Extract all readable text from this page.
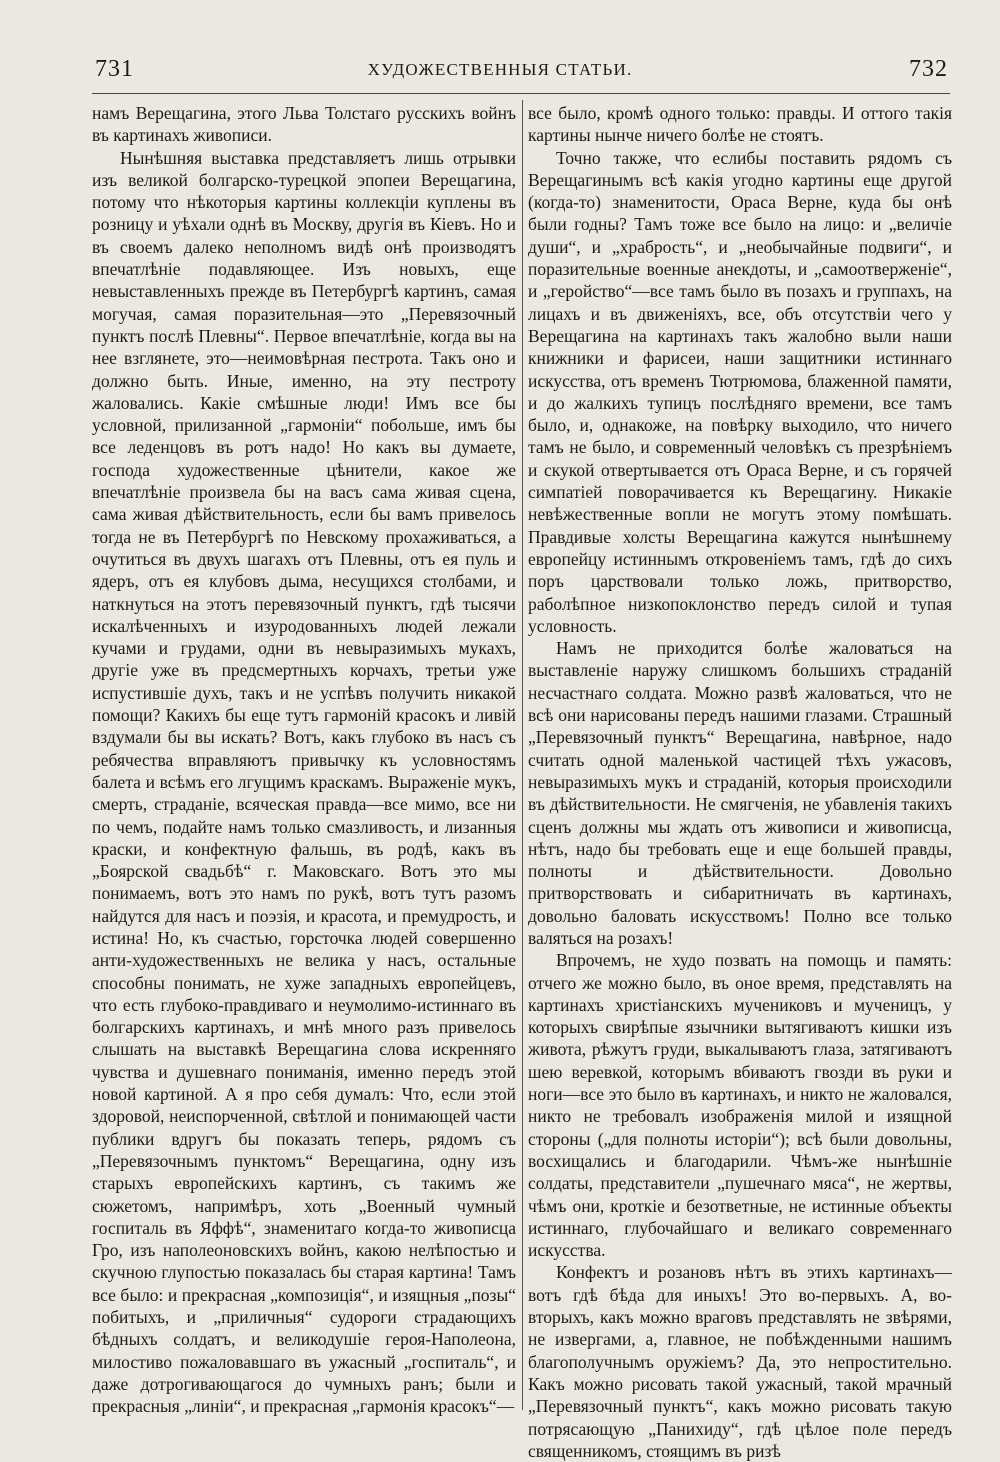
731	ХУДОЖЕСТВЕННЫЯ СТАТЬИ.	732

намъ Верещагина, этого Льва Толстаго русскихъ войнъ въ картинахъ живописи.

Нынѣшняя выставка представляетъ лишь отрывки изъ великой болгарско-турецкой эпопеи Верещагина, потому что нѣкоторыя картины коллекціи куплены въ розницу и уѣхали однѣ въ Москву, другія въ Кіевъ. Но и въ своемъ далеко неполномъ видѣ онѣ производятъ впечатлѣніе подавляющее. Изъ новыхъ, еще невыставленныхъ прежде въ Петербургѣ картинъ, самая могучая, самая поразительная—это „Перевязочный пунктъ послѣ Плевны“. Первое впечатлѣніе, когда вы на нее взглянете, это—неимовѣрная пестрота. Такъ оно и должно быть. Иные, именно, на эту пестроту жаловались. Какіе смѣшные люди! Имъ все бы условной, прилизанной „гармоніи“ побольше, имъ бы все леденцовъ въ ротъ надо! Но какъ вы думаете, господа художественные цѣнители, какое же впечатлѣніе произвела бы на васъ сама живая сцена, сама живая дѣйствительность, если бы вамъ привелось тогда не въ Петербургѣ по Невскому прохаживаться, а очутиться въ двухъ шагахъ отъ Плевны, отъ ея пуль и ядеръ, отъ ея клубовъ дыма, несущихся столбами, и наткнуться на этотъ перевязочный пунктъ, гдѣ тысячи искалѣченныхъ и изуродованныхъ людей лежали кучами и грудами, одни въ невыразимыхъ мукахъ, другіе уже въ предсмертныхъ корчахъ, третьи уже испустившіе духъ, такъ и не успѣвъ получить никакой помощи? Какихъ бы еще тутъ гармоній красокъ и ливій вздумали бы вы искать? Вотъ, какъ глубоко въ насъ съ ребячества вправляютъ привычку къ условностямъ балета и всѣмъ его лгущимъ краскамъ. Выраженіе мукъ, смерть, страданіе, всяческая правда—все мимо, все ни по чемъ, подайте намъ только смазливость, и лизанныя краски, и конфектную фальшь, въ родѣ, какъ въ „Боярской свадьбѣ“ г. Маковскаго. Вотъ это мы понимаемъ, вотъ это намъ по рукѣ, вотъ тутъ разомъ найдутся для насъ и поэзія, и красота, и премудрость, и истина! Но, къ счастью, горсточка людей совершенно анти-художественныхъ не велика у насъ, остальные способны понимать, не хуже западныхъ европейцевъ, что есть глубоко-правдиваго и неумолимо-истиннаго въ болгарскихъ картинахъ, и мнѣ много разъ привелось слышать на выставкѣ Верещагина слова искренняго чувства и душевнаго пониманія, именно передъ этой новой картиной. А я про себя думалъ: Что, если этой здоровой, неиспорченной, свѣтлой и понимающей части публики вдругъ бы показать теперь, рядомъ съ „Перевязочнымъ пунктомъ“ Верещагина, одну изъ старыхъ европейскихъ картинъ, съ такимъ же сюжетомъ, напримѣръ, хоть „Военный чумный госпиталь въ Яффѣ“, знаменитаго когда-то живописца Гро, изъ наполеоновскихъ войнъ, какою нелѣпостью и скучною глупостью показалась бы старая картина! Тамъ все было: и прекрасная „композиція“, и изящныя „позы“ побитыхъ, и „приличныя“ судороги страдающихъ бѣдныхъ солдатъ, и великодушіе героя-Наполеона, милостиво пожаловавшаго въ ужасный „госпиталь“, и даже дотрогивающагося до чумныхъ ранъ; были и прекрасныя „линіи“, и прекрасная „гармонія красокъ“—

все было, кромѣ одного только: правды. И оттого такія картины нынче ничего болѣе не стоятъ.

Точно также, что еслибы поставить рядомъ съ Верещагинымъ всѣ какія угодно картины еще другой (когда-то) знаменитости, Ораса Верне, куда бы онѣ были годны? Тамъ тоже все было на лицо: и „величіе души“, и „храбрость“, и „необычайные подвиги“, и поразительные военные анекдоты, и „самоотверженіе“, и „геройство“—все тамъ было въ позахъ и группахъ, на лицахъ и въ движеніяхъ, все, объ отсутствіи чего у Верещагина на картинахъ такъ жалобно выли наши книжники и фарисеи, наши защитники истиннаго искусства, отъ временъ Тютрюмова, блаженной памяти, и до жалкихъ тупицъ послѣдняго времени, все тамъ было, и, однакоже, на повѣрку выходило, что ничего тамъ не было, и современный человѣкъ съ презрѣніемъ и скукой отвертывается отъ Ораса Верне, и съ горячей симпатіей поворачивается къ Верещагину. Никакіе невѣжественные вопли не могутъ этому помѣшать. Правдивые холсты Верещагина кажутся нынѣшнему европейцу истиннымъ откровеніемъ тамъ, гдѣ до сихъ поръ царствовали только ложь, притворство, раболѣпное низкопоклонство передъ силой и тупая условность.

Намъ не приходится болѣе жаловаться на выставленіе наружу слишкомъ большихъ страданій несчастнаго солдата. Можно развѣ жаловаться, что не всѣ они нарисованы передъ нашими глазами. Страшный „Перевязочный пунктъ“ Верещагина, навѣрное, надо считать одной маленькой частицей тѣхъ ужасовъ, невыразимыхъ мукъ и страданій, которыя происходили въ дѣйствительности. Не смягченія, не убавленія такихъ сценъ должны мы ждать отъ живописи и живописца, нѣтъ, надо бы требовать еще и еще большей правды, полноты и дѣйствительности. Довольно притворствовать и сибаритничать въ картинахъ, довольно баловать искусствомъ! Полно все только валяться на розахъ!

Впрочемъ, не худо позвать на помощь и память: отчего же можно было, въ оное время, представлять на картинахъ христіанскихъ мучениковъ и мученицъ, у которыхъ свирѣпые язычники вытягиваютъ кишки изъ живота, рѣжутъ груди, выкалываютъ глаза, затягиваютъ шею веревкой, которымъ вбиваютъ гвозди въ руки и ноги—все это было въ картинахъ, и никто не жаловался, никто не требовалъ изображенія милой и изящной стороны („для полноты исторіи“); всѣ были довольны, восхищались и благодарили. Чѣмъ-же нынѣшніе солдаты, представители „пушечнаго мяса“, не жертвы, чѣмъ они, кроткіе и безответные, не истинные объекты истиннаго, глубочайшаго и великаго современнаго искусства.

Конфектъ и розановъ нѣтъ въ этихъ картинахъ—вотъ гдѣ бѣда для иныхъ! Это во-первыхъ. А, во-вторыхъ, какъ можно враговъ представлять не звѣрями, не извергами, а, главное, не побѣжденными нашимъ благополучнымъ оружіемъ? Да, это непростительно. Какъ можно рисовать такой ужасный, такой мрачный „Перевязочный пунктъ“, какъ можно рисовать такую потрясающую „Панихиду“, гдѣ цѣлое поле передъ священникомъ, стоящимъ въ ризѣ
